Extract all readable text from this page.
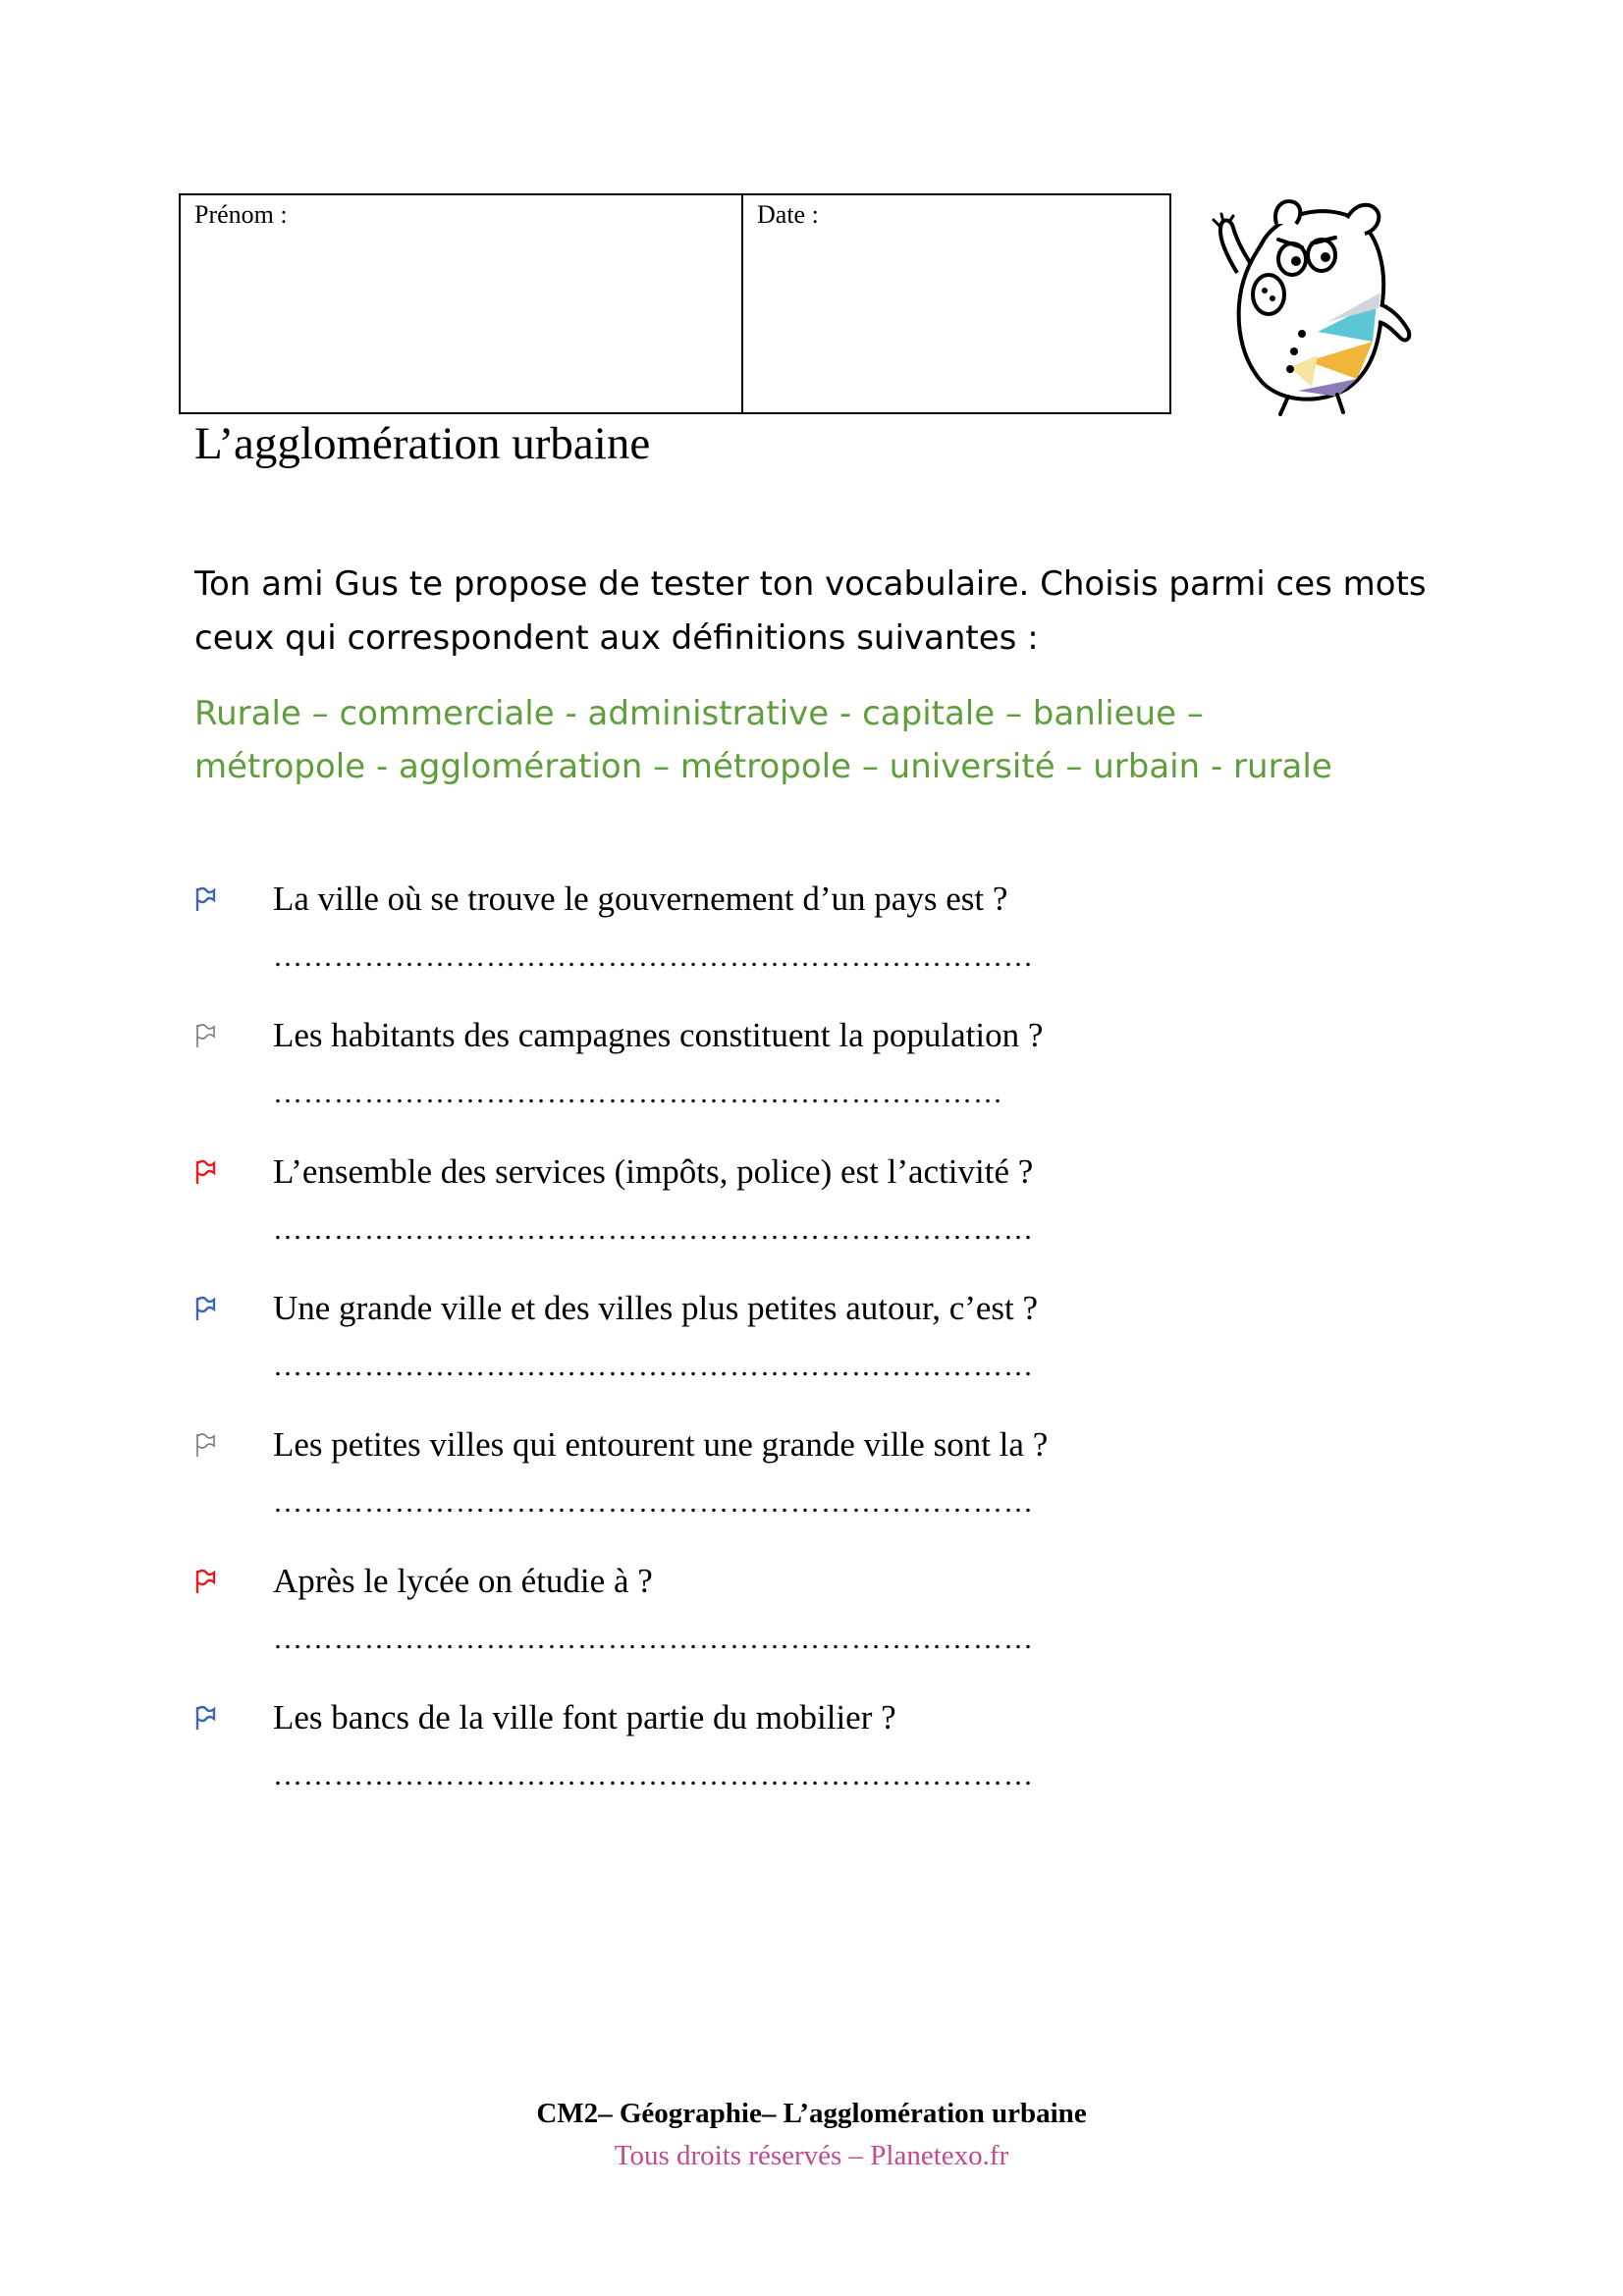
Prénom :	Date :
L’agglomération urbaine

Ton ami Gus te propose de tester ton vocabulaire. Choisis parmi ces mots ceux qui correspondent aux définitions suivantes :

Rurale – commerciale - administrative - capitale – banlieue –
métropole - agglomération – métropole – université – urbain - rurale
La ville où se trouve le gouvernement d’un pays est ?
…………………………………………………………………
Les habitants des campagnes constituent la population ?
………………………………………………………………
L’ensemble des services (impôts, police) est l’activité ?
…………………………………………………………………
Une grande ville et des villes plus petites autour, c’est ?
…………………………………………………………………
Les petites villes qui entourent une grande ville sont la ?
…………………………………………………………………
Après le lycée on étudie à ?
…………………………………………………………………
Les bancs de la ville font partie du mobilier ?
…………………………………………………………………
CM2– Géographie– L’agglomération urbaine
Tous droits réservés – Planetexo.fr
